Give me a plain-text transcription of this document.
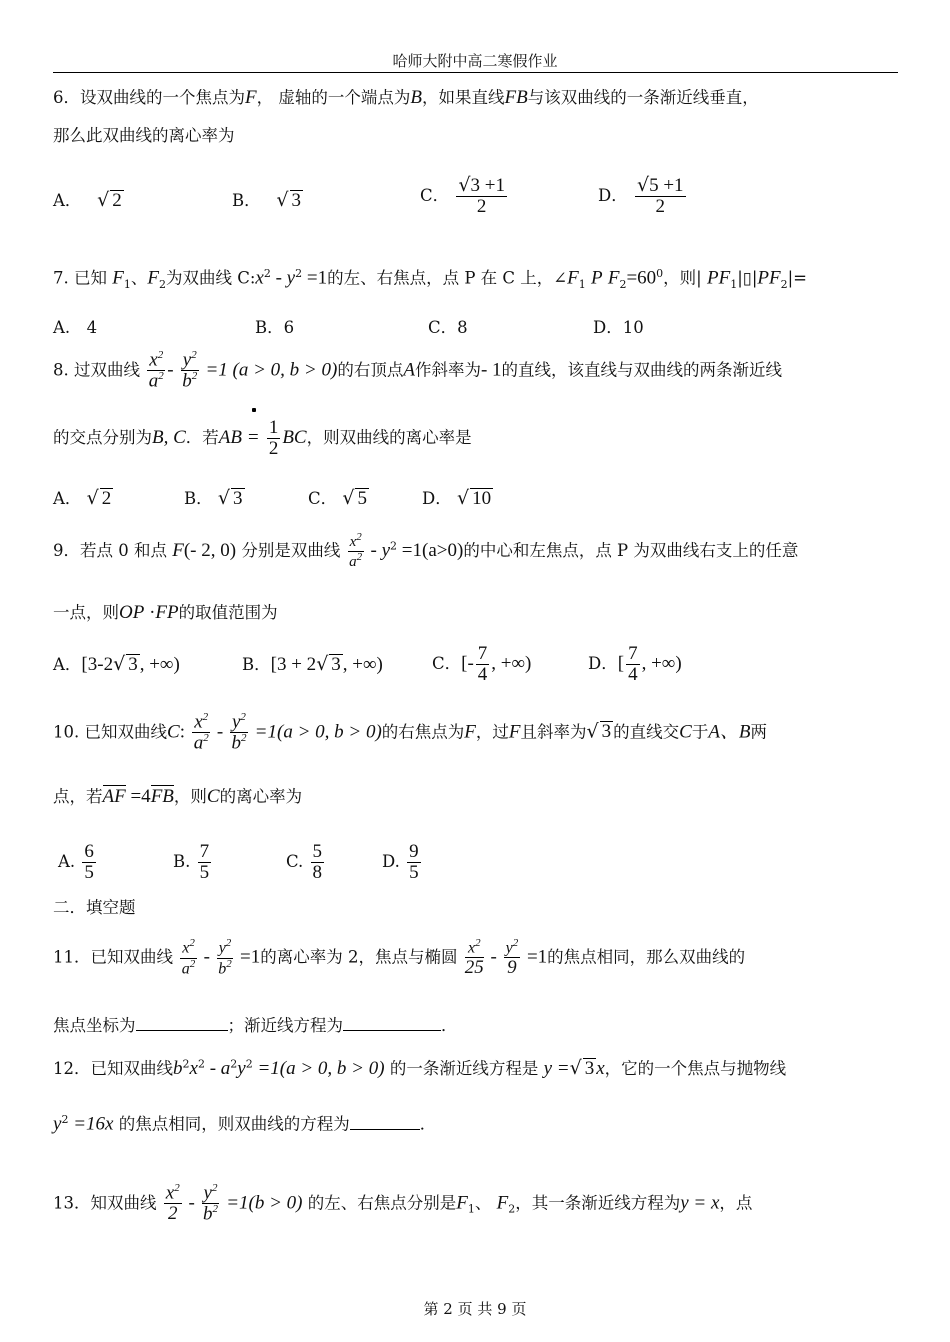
哈师大附中高二寒假作业
6．设双曲线的一个焦点为F， 虚轴的一个端点为B，如果直线FB与该双曲线的一条渐近线垂直，
那么此双曲线的离心率为
A． √ 2	B． √ 3	C． $\frac{√3 +1}{2}$	D． $\frac{√5 +1}{2}$
7. 已知 $F_1$、$F_2$为双曲线 $C:x^2 - y^2 =1$的左、右焦点，点 P 在 C 上，$\angle F_1$ P $F_2=60^0$，则| $PF_1|▯|PF_2|=$
A.　4	B．6	C．8	D．10
8. 过双曲线 $\frac{x^2}{a^2} - \frac{y^2}{b^2} =1$ (a > 0, b > 0)的右顶点A作斜率为- 1的直线，该直线与双曲线的两条渐近线
的交点分别为B, C．若AB = $\frac{1}{2}$ BC，则双曲线的离心率是
A． √ 2	B． √ 3	C． √ 5	D． √ 10
9．若点 0 和点 F(- 2, 0) 分别是双曲线 $\frac{x^2}{a^2} - y^2 =1(a>0)$的中心和左焦点，点 P 为双曲线右支上的任意
一点，则OP ·FP的取值范围为
A．[3-2√ 3 , +∞)	B．[3 + 2√ 3 , +∞)	C．[- $\frac{7}{4}$ , +∞)	D．[ $\frac{7}{4}$ , +∞)
10. 已知双曲线C: $\frac{x^2}{a^2} - \frac{y^2}{b^2} =1(a > 0$, b > 0)的右焦点为F，过F且斜率为√ 3 的直线交C于A、B两
点，若AF =4FB，则C的离心率为
A. $\frac{6}{5}$	B. $\frac{7}{5}$	C. $\frac{5}{8}$	D. $\frac{9}{5}$
二．填空题
11．已知双曲线 $\frac{x^2}{a^2} - \frac{y^2}{b^2} =1$的离心率为 2，焦点与椭圆 $\frac{x^2}{25} - \frac{y^2}{9} =1$的焦点相同，那么双曲线的
焦点坐标为	；渐近线方程为	．
12．已知双曲线$b^2x^2 - a^2y^2 =1(a > 0$, b > 0) 的一条渐近线方程是 y =√ 3 x，它的一个焦点与抛物线
$y^2 =16x$ 的焦点相同，则双曲线的方程为	．
13．知双曲线 $\frac{x^2}{2} - \frac{y^2}{b^2} =1(b > 0)$ 的左、右焦点分别是$F_1$、 $F_2$，其一条渐近线方程为y = x，点
第 2 页 共 9 页
